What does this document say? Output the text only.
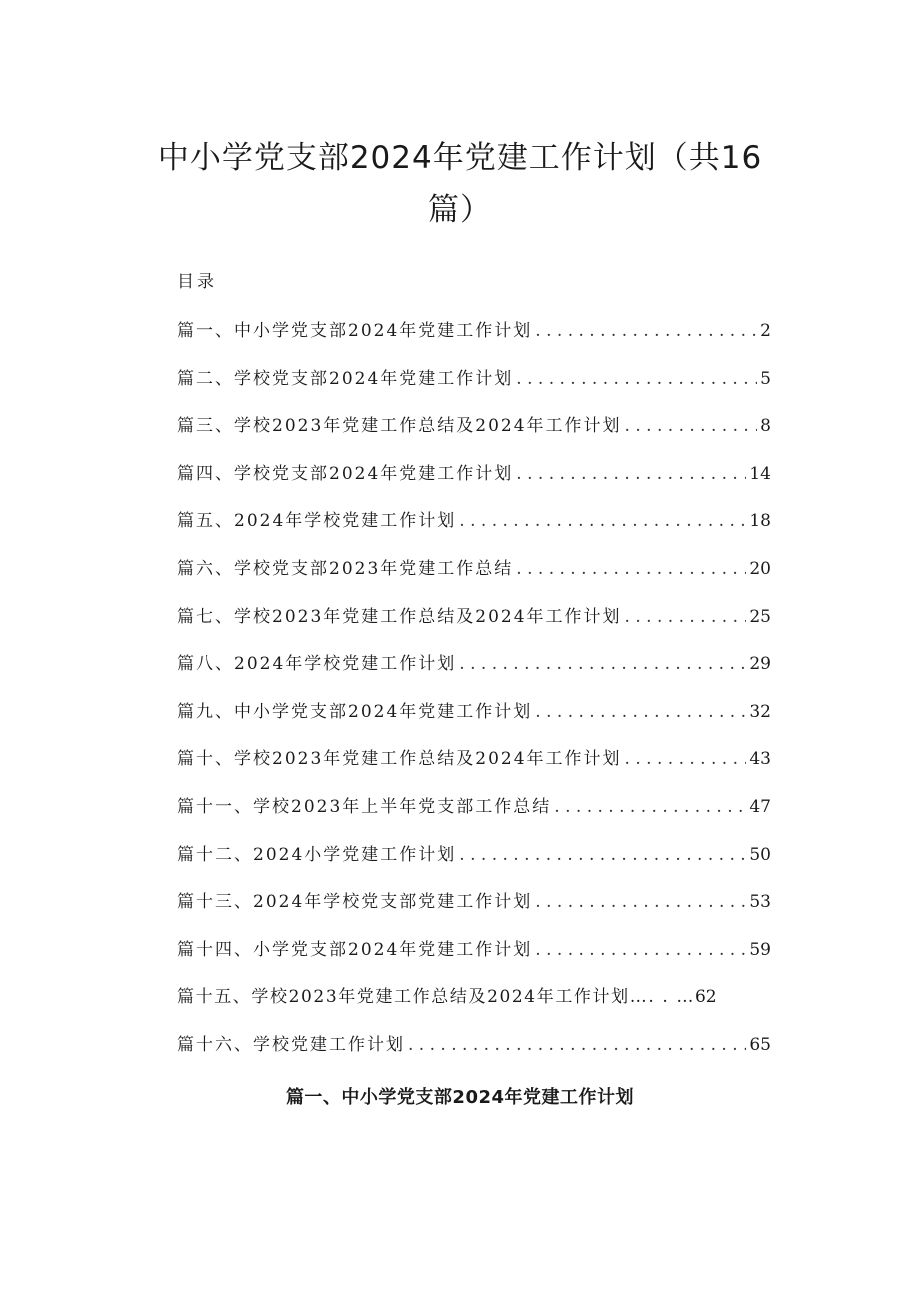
中小学党支部2024年党建工作计划（共16篇）
目录
篇一、中小学党支部2024年党建工作计划 . . .	2
篇二、学校党支部2024年党建工作计划 . . .	5
篇三、学校2023年党建工作总结及2024年工作计划 . . .	8
篇四、学校党支部2024年党建工作计划 . . .	14
篇五、2024年学校党建工作计划 . . .	18
篇六、学校党支部2023年党建工作总结 . . .	20
篇七、学校2023年党建工作总结及2024年工作计划 . . .	25
篇八、2024年学校党建工作计划 . . .	29
篇九、中小学党支部2024年党建工作计划 . . .	32
篇十、学校2023年党建工作总结及2024年工作计划 . . .	43
篇十一、学校2023年上半年党支部工作总结 . . .	47
篇十二、2024小学党建工作计划 . . .	50
篇十三、2024年学校党支部党建工作计划 . . .	53
篇十四、小学党支部2024年党建工作计划 . . .	59
篇十五、学校2023年党建工作总结及2024年工作计划…. . … 62
篇十六、学校党建工作计划 . . .	65
篇一、中小学党支部2024年党建工作计划
